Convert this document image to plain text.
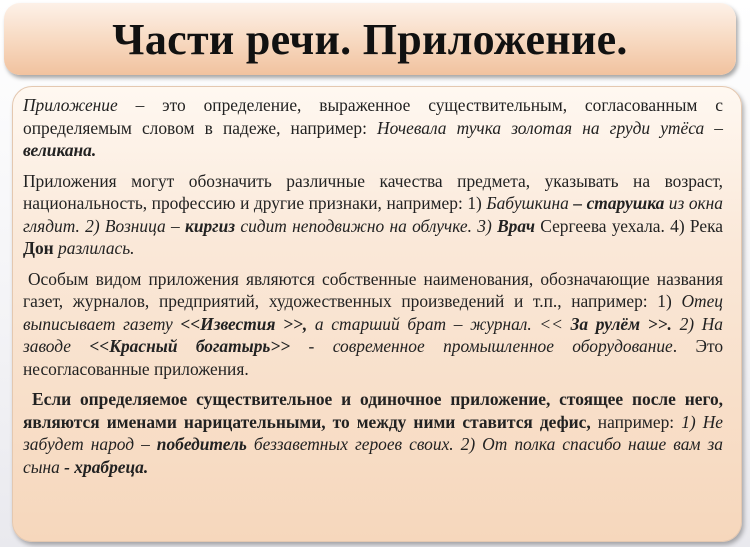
Части речи. Приложение.

Приложение – это определение, выраженное существительным, согласованным с определяемым словом в падеже, например: Ночевала тучка золотая на груди утёса – великана.

Приложения могут обозначить различные качества предмета, указывать на возраст, национальность, профессию и другие признаки, например: 1) Бабушкина – старушка из окна глядит. 2) Возница – киргиз сидит неподвижно на облучке. 3) Врач Сергеева уехала. 4) Река Дон разлилась.

Особым видом приложения являются собственные наименования, обозначающие названия газет, журналов, предприятий, художественных произведений и т.п., например: 1) Отец выписывает газету <<Известия >>, а старший брат – журнал. << За рулём >>. 2) На заводе <<Красный богатырь>> - современное промышленное оборудование. Это несогласованные приложения.

Если определяемое существительное и одиночное приложение, стоящее после него, являются именами нарицательными, то между ними ставится дефис, например: 1) Не забудет народ – победитель беззаветных героев своих. 2) От полка спасибо наше вам за сына - храбреца.
